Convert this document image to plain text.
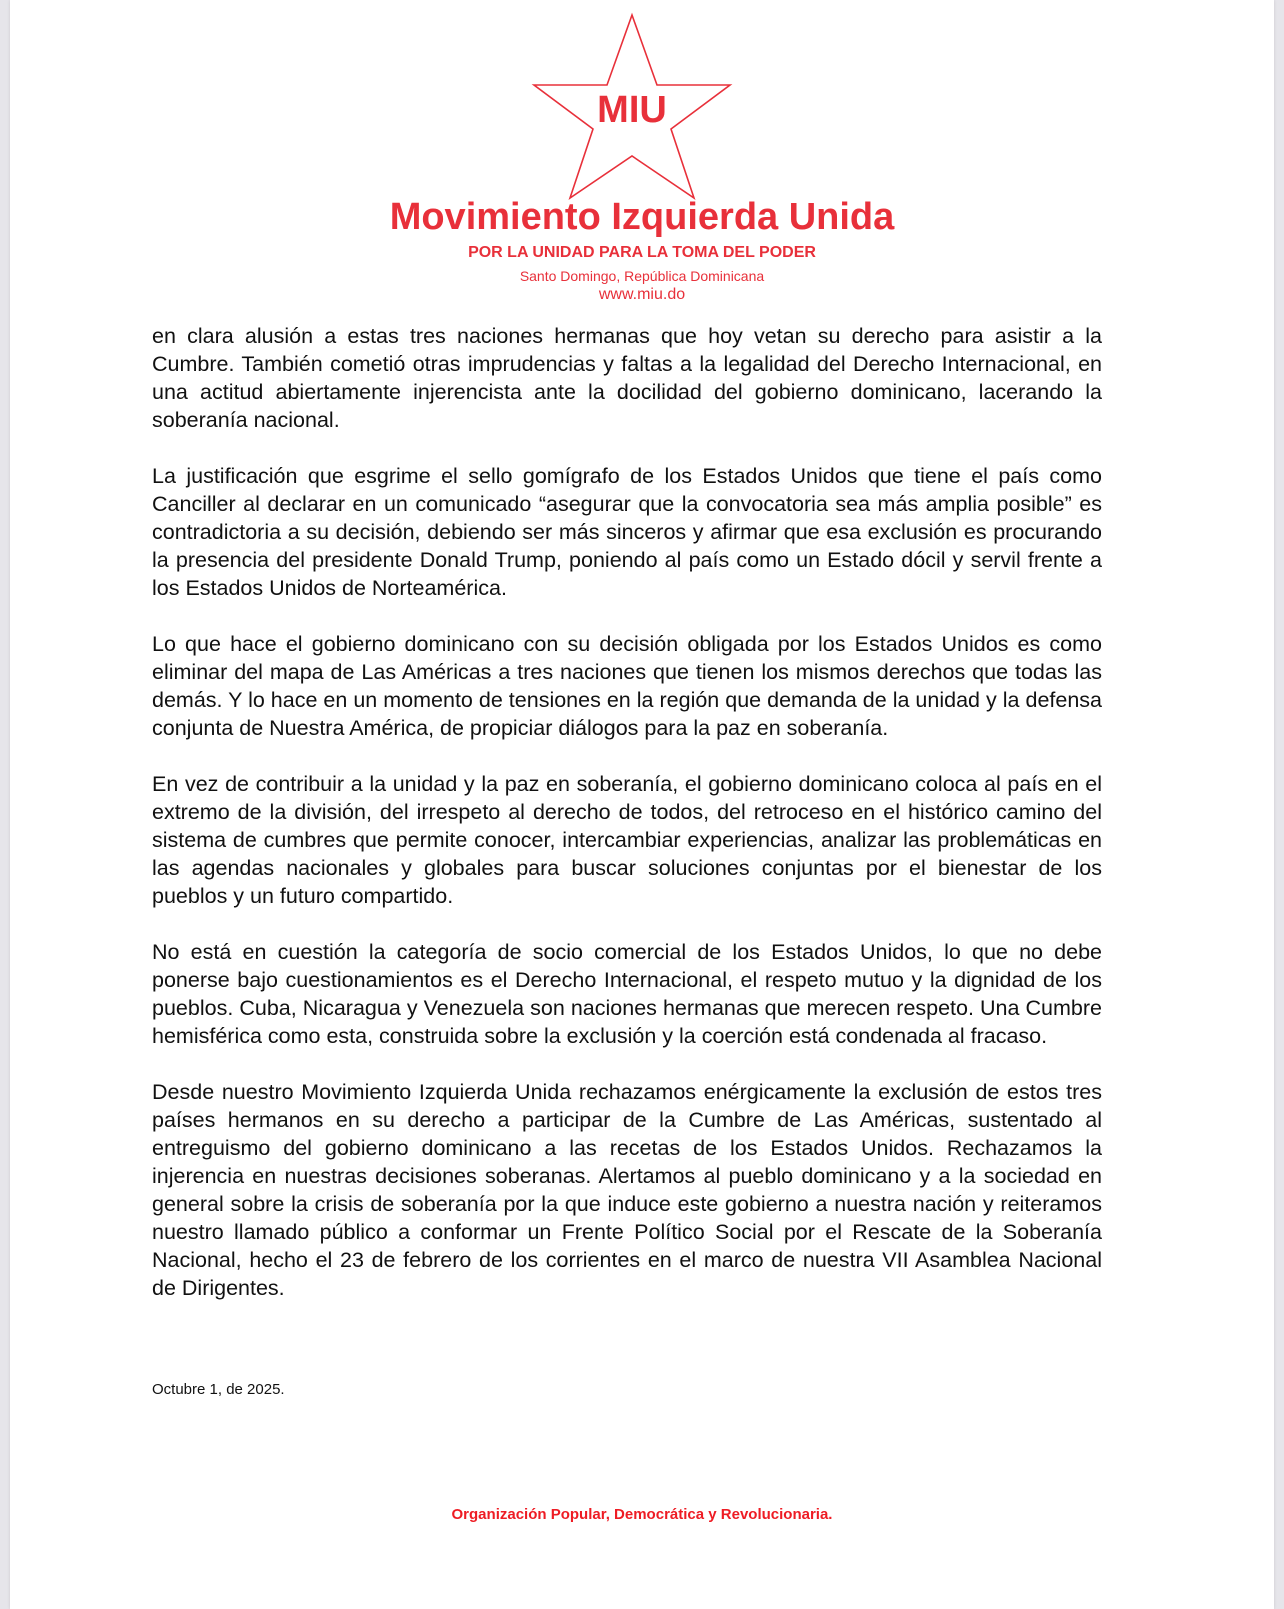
MIU
Movimiento Izquierda Unida
POR LA UNIDAD PARA LA TOMA DEL PODER
Santo Domingo, República Dominicana
www.miu.do

en clara alusión a estas tres naciones hermanas que hoy vetan su derecho para asistir a la Cumbre. También cometió otras imprudencias y faltas a la legalidad del Derecho Internacional, en una actitud abiertamente injerencista ante la docilidad del gobierno dominicano, lacerando la soberanía nacional.

La justificación que esgrime el sello gomígrafo de los Estados Unidos que tiene el país como Canciller al declarar en un comunicado “asegurar que la convocatoria sea más amplia posible” es contradictoria a su decisión, debiendo ser más sinceros y afirmar que esa exclusión es procurando la presencia del presidente Donald Trump, poniendo al país como un Estado dócil y servil frente a los Estados Unidos de Norteamérica.

Lo que hace el gobierno dominicano con su decisión obligada por los Estados Unidos es como eliminar del mapa de Las Américas a tres naciones que tienen los mismos derechos que todas las demás. Y lo hace en un momento de tensiones en la región que demanda de la unidad y la defensa conjunta de Nuestra América, de propiciar diálogos para la paz en soberanía.

En vez de contribuir a la unidad y la paz en soberanía, el gobierno dominicano coloca al país en el extremo de la división, del irrespeto al derecho de todos, del retroceso en el histórico camino del sistema de cumbres que permite conocer, intercambiar experiencias, analizar las problemáticas en las agendas nacionales y globales para buscar soluciones conjuntas por el bienestar de los pueblos y un futuro compartido.

No está en cuestión la categoría de socio comercial de los Estados Unidos, lo que no debe ponerse bajo cuestionamientos es el Derecho Internacional, el respeto mutuo y la dignidad de los pueblos. Cuba, Nicaragua y Venezuela son naciones hermanas que merecen respeto. Una Cumbre hemisférica como esta, construida sobre la exclusión y la coerción está condenada al fracaso.

Desde nuestro Movimiento Izquierda Unida rechazamos enérgicamente la exclusión de estos tres países hermanos en su derecho a participar de la Cumbre de Las Américas, sustentado al entreguismo del gobierno dominicano a las recetas de los Estados Unidos. Rechazamos la injerencia en nuestras decisiones soberanas. Alertamos al pueblo dominicano y a la sociedad en general sobre la crisis de soberanía por la que induce este gobierno a nuestra nación y reiteramos nuestro llamado público a conformar un Frente Político Social por el Rescate de la Soberanía Nacional, hecho el 23 de febrero de los corrientes en el marco de nuestra VII Asamblea Nacional de Dirigentes.

Octubre 1, de 2025.
Organización Popular, Democrática y Revolucionaria.
